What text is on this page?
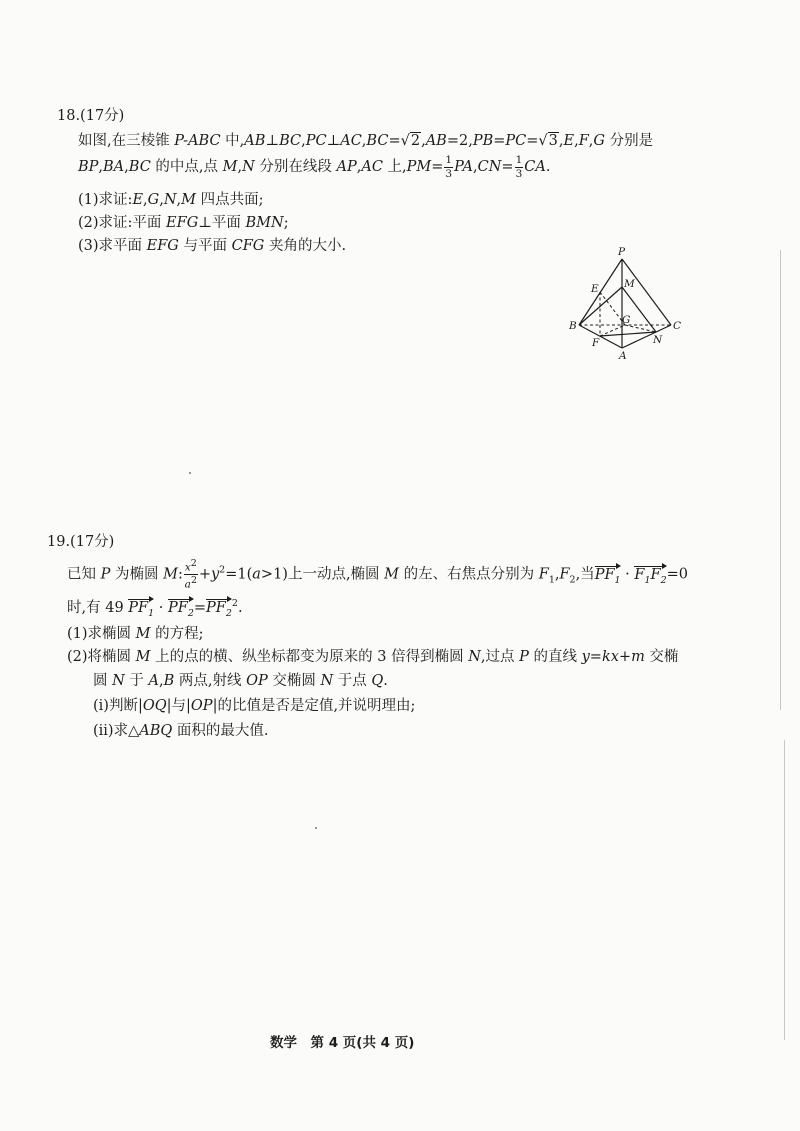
18.(17分)
如图,在三棱锥 P-ABC 中,AB⊥BC,PC⊥AC,BC=√2,AB=2,PB=PC=√3,E,F,G 分别是
BP,BA,BC 的中点,点 M,N 分别在线段 AP,AC 上$,PM= \frac{1}{3} PA,CN= \frac{1}{3}$ CA.
(1)求证:E,G,N,M 四点共面;
(2)求证:平面 EFG⊥平面 BMN;
(3)求平面 EFG 与平面 CFG 夹角的大小.	P
E M
G
B	C
F	N
A
19.(17分)
已知 P 为椭圆 M: $\frac{x^2}{a^2} +y^2=1(a>1)$上一动点,椭圆 M 的左、右焦点分别为 $F_1,F_2$,当$PF_1 \cdot F_1F_2=0$
时,有 49 $PF_1 \cdot PF_2=PF_2^2$.
(1)求椭圆 M 的方程;
(2)将椭圆 M 上的点的横、纵坐标都变为原来的 3 倍得到椭圆 N,过点 P 的直线 y=kx+m 交椭
圆 N 于 A,B 两点,射线 OP 交椭圆 N 于点 Q.
(i)判断|OQ|与|OP|的比值是否是定值,并说明理由;
(ii)求△ABQ 面积的最大值.
数学　第 4 页(共 4 页)
